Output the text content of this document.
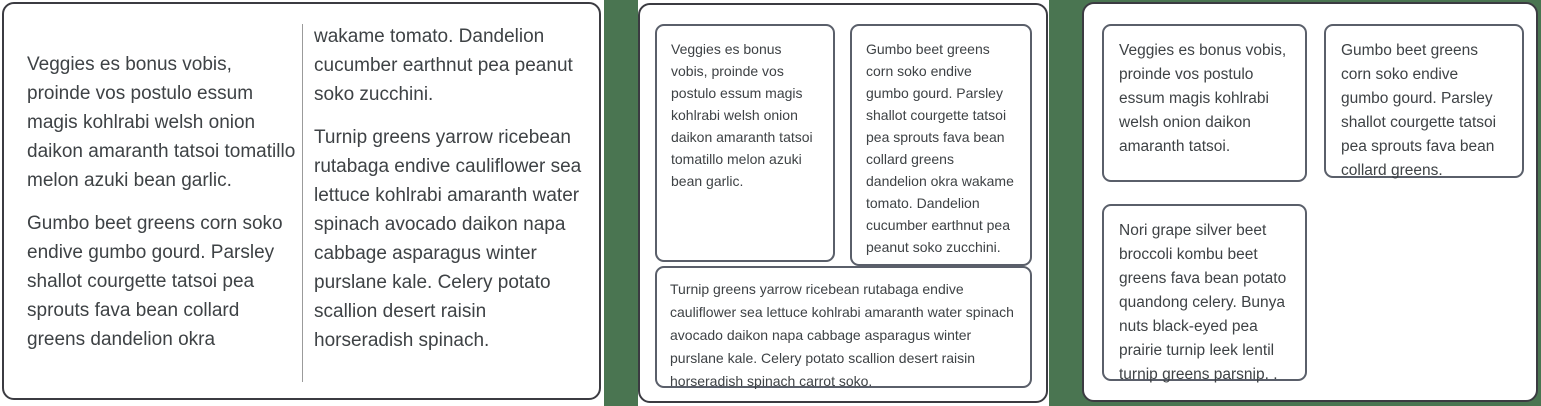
Veggies es bonus vobis, proinde vos postulo essum magis kohlrabi welsh onion daikon amaranth tatsoi tomatillo melon azuki bean garlic.

Gumbo beet greens corn soko endive gumbo gourd. Parsley shallot courgette tatsoi pea sprouts fava bean collard greens dandelion okra

wakame tomato. Dandelion cucumber earthnut pea peanut soko zucchini.

Turnip greens yarrow ricebean rutabaga endive cauliflower sea lettuce kohlrabi amaranth water spinach avocado daikon napa cabbage asparagus winter purslane kale. Celery potato scallion desert raisin horseradish spinach.

Veggies es bonus vobis, proinde vos postulo essum magis kohlrabi welsh onion daikon amaranth tatsoi tomatillo melon azuki bean garlic.

Gumbo beet greens corn soko endive gumbo gourd. Parsley shallot courgette tatsoi pea sprouts fava bean collard greens dandelion okra wakame tomato. Dandelion cucumber earthnut pea peanut soko zucchini.

Turnip greens yarrow ricebean rutabaga endive cauliflower sea lettuce kohlrabi amaranth water spinach avocado daikon napa cabbage asparagus winter purslane kale. Celery potato scallion desert raisin horseradish spinach carrot soko.

Veggies es bonus vobis, proinde vos postulo essum magis kohlrabi welsh onion daikon amaranth tatsoi.

Gumbo beet greens corn soko endive gumbo gourd. Parsley shallot courgette tatsoi pea sprouts fava bean collard greens.

Nori grape silver beet broccoli kombu beet greens fava bean potato quandong celery. Bunya nuts black-eyed pea prairie turnip leek lentil turnip greens parsnip. .
